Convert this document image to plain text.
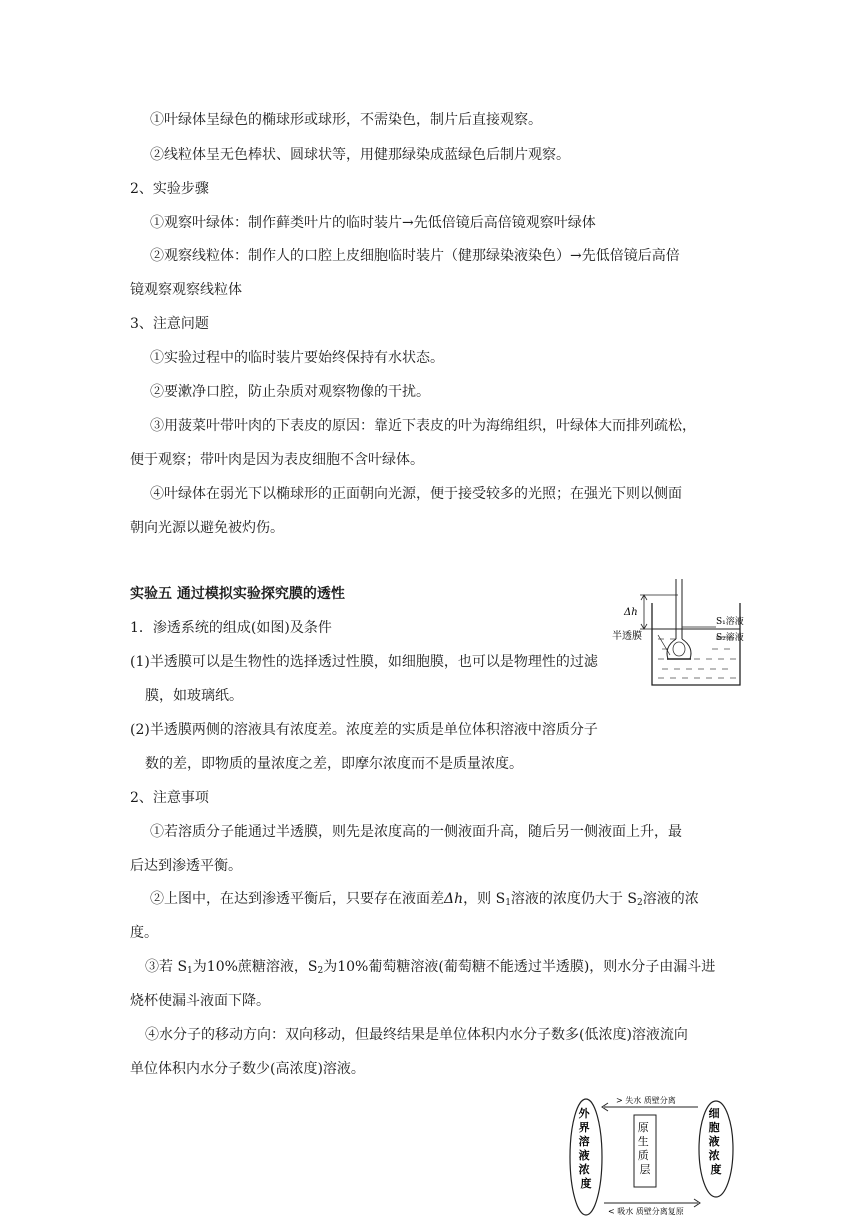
①叶绿体呈绿色的椭球形或球形，不需染色，制片后直接观察。
②线粒体呈无色棒状、圆球状等，用健那绿染成蓝绿色后制片观察。
2、实验步骤
①观察叶绿体：制作藓类叶片的临时装片→先低倍镜后高倍镜观察叶绿体
②观察线粒体：制作人的口腔上皮细胞临时装片（健那绿染液染色）→先低倍镜后高倍
镜观察观察线粒体
3、注意问题
①实验过程中的临时装片要始终保持有水状态。
②要漱净口腔，防止杂质对观察物像的干扰。
③用菠菜叶带叶肉的下表皮的原因：靠近下表皮的叶为海绵组织，叶绿体大而排列疏松，
便于观察；带叶肉是因为表皮细胞不含叶绿体。
④叶绿体在弱光下以椭球形的正面朝向光源，便于接受较多的光照；在强光下则以侧面
朝向光源以避免被灼伤。
实验五 通过模拟实验探究膜的透性
1．渗透系统的组成(如图)及条件
(1)半透膜可以是生物性的选择透过性膜，如细胞膜，也可以是物理性的过滤
膜，如玻璃纸。
(2)半透膜两侧的溶液具有浓度差。浓度差的实质是单位体积溶液中溶质分子
数的差，即物质的量浓度之差，即摩尔浓度而不是质量浓度。
2、注意事项
①若溶质分子能通过半透膜，则先是浓度高的一侧液面升高，随后另一侧液面上升，最
后达到渗透平衡。
②上图中，在达到渗透平衡后，只要存在液面差Δh，则 $S_1$溶液的浓度仍大于 $S_2$溶液的浓
度。
③若 $S_1$为10%蔗糖溶液，$S_2$为10%葡萄糖溶液(葡萄糖不能透过半透膜)，则水分子由漏斗进
烧杯使漏斗液面下降。
④水分子的移动方向：双向移动，但最终结果是单位体积内水分子数多(低浓度)溶液流向
单位体积内水分子数少(高浓度)溶液。
Δh
S₁溶液
S₂溶液
半透膜
外 界 溶 液 浓 度
细 胞 液 浓 度
> 失水 质壁分离
原 生 质 层
< 吸水 质壁分离复原
